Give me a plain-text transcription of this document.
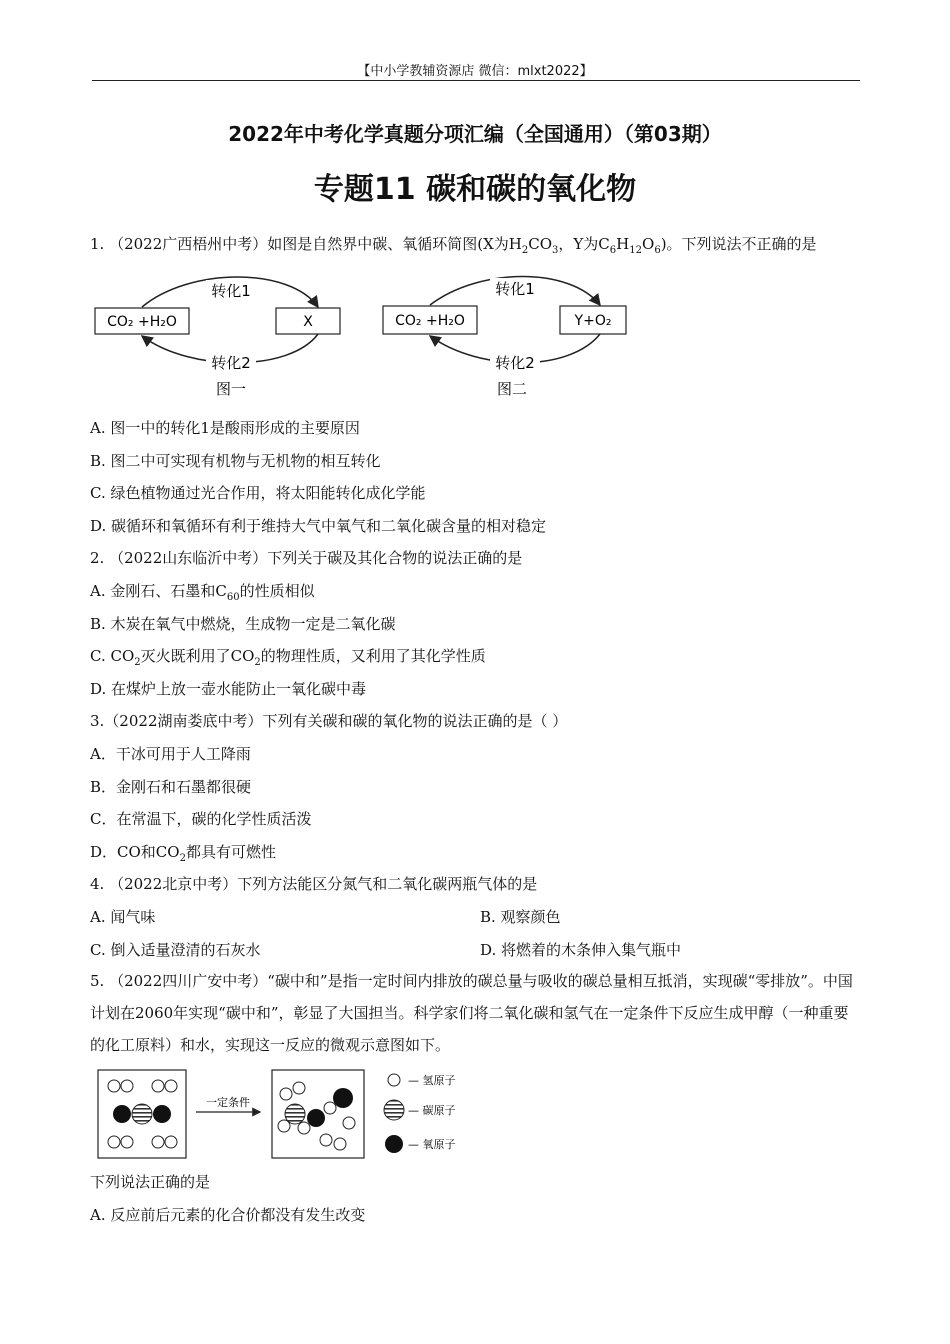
【中小学教辅资源店 微信：mlxt2022】
2022年中考化学真题分项汇编（全国通用）（第03期）
专题11 碳和碳的氧化物
1. （2022广西梧州中考）如图是自然界中碳、氧循环简图(X为$H_2CO_3$，Y为$C_6H_{12}O_6$)。下列说法不正确的是
转化1
转化2
CO₂ +H₂O	X
图一
转化1
转化2
CO₂ +H₂O	Y+O₂
图二
A. 图一中的转化1是酸雨形成的主要原因
B. 图二中可实现有机物与无机物的相互转化
C. 绿色植物通过光合作用，将太阳能转化成化学能
D. 碳循环和氧循环有利于维持大气中氧气和二氧化碳含量的相对稳定
2. （2022山东临沂中考）下列关于碳及其化合物的说法正确的是
A. 金刚石、石墨和$C_{60}$的性质相似
B. 木炭在氧气中燃烧，生成物一定是二氧化碳
C. $CO_2$灭火既利用了$CO_2$的物理性质，又利用了其化学性质
D. 在煤炉上放一壶水能防止一氧化碳中毒
3.（2022湖南娄底中考）下列有关碳和碳的氧化物的说法正确的是（ ）
A．干冰可用于人工降雨
B．金刚石和石墨都很硬
C．在常温下，碳的化学性质活泼
D．CO和$CO_2$都具有可燃性
4. （2022北京中考）下列方法能区分氮气和二氧化碳两瓶气体的是
A. 闻气味	B. 观察颜色
C. 倒入适量澄清的石灰水	D. 将燃着的木条伸入集气瓶中
5. （2022四川广安中考）“碳中和”是指一定时间内排放的碳总量与吸收的碳总量相互抵消，实现碳“零排放”。中国计划在2060年实现“碳中和”，彰显了大国担当。科学家们将二氧化碳和氢气在一定条件下反应生成甲醇（一种重要的化工原料）和水，实现这一反应的微观示意图如下。
一定条件
— 氢原子
— 碳原子
— 氧原子
下列说法正确的是
A. 反应前后元素的化合价都没有发生改变
